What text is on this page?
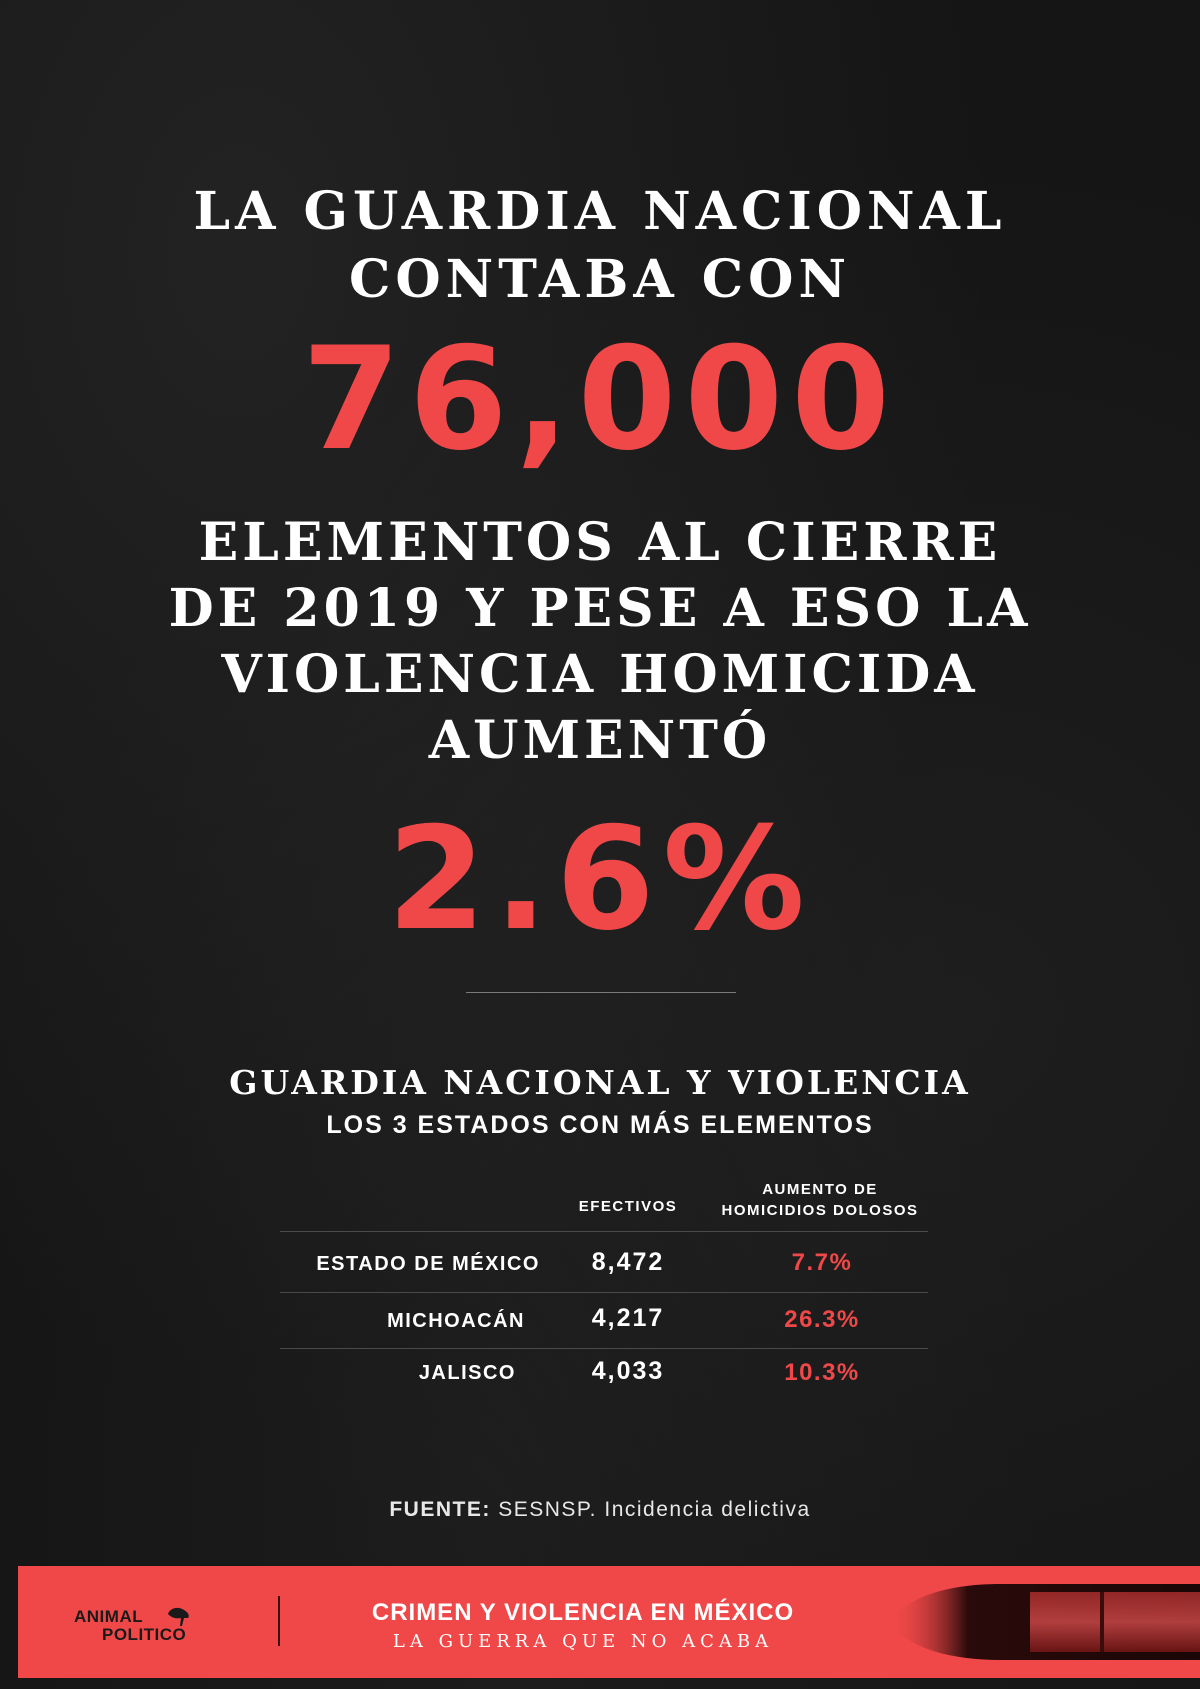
LA GUARDIA NACIONAL
CONTABA CON
76,000
ELEMENTOS AL CIERRE
DE 2019 Y PESE A ESO LA
VIOLENCIA HOMICIDA
AUMENTÓ
2.6%
GUARDIA NACIONAL Y VIOLENCIA
LOS 3 ESTADOS CON MÁS ELEMENTOS
EFECTIVOS
AUMENTO DE
HOMICIDIOS DOLOSOS
ESTADO DE MÉXICO	8,472	7.7%
MICHOACÁN	4,217	26.3%
JALISCO	4,033	10.3%
FUENTE: SESNSP. Incidencia delictiva
ANIMAL
POLITICO
CRIMEN Y VIOLENCIA EN MÉXICO
LA GUERRA QUE NO ACABA
